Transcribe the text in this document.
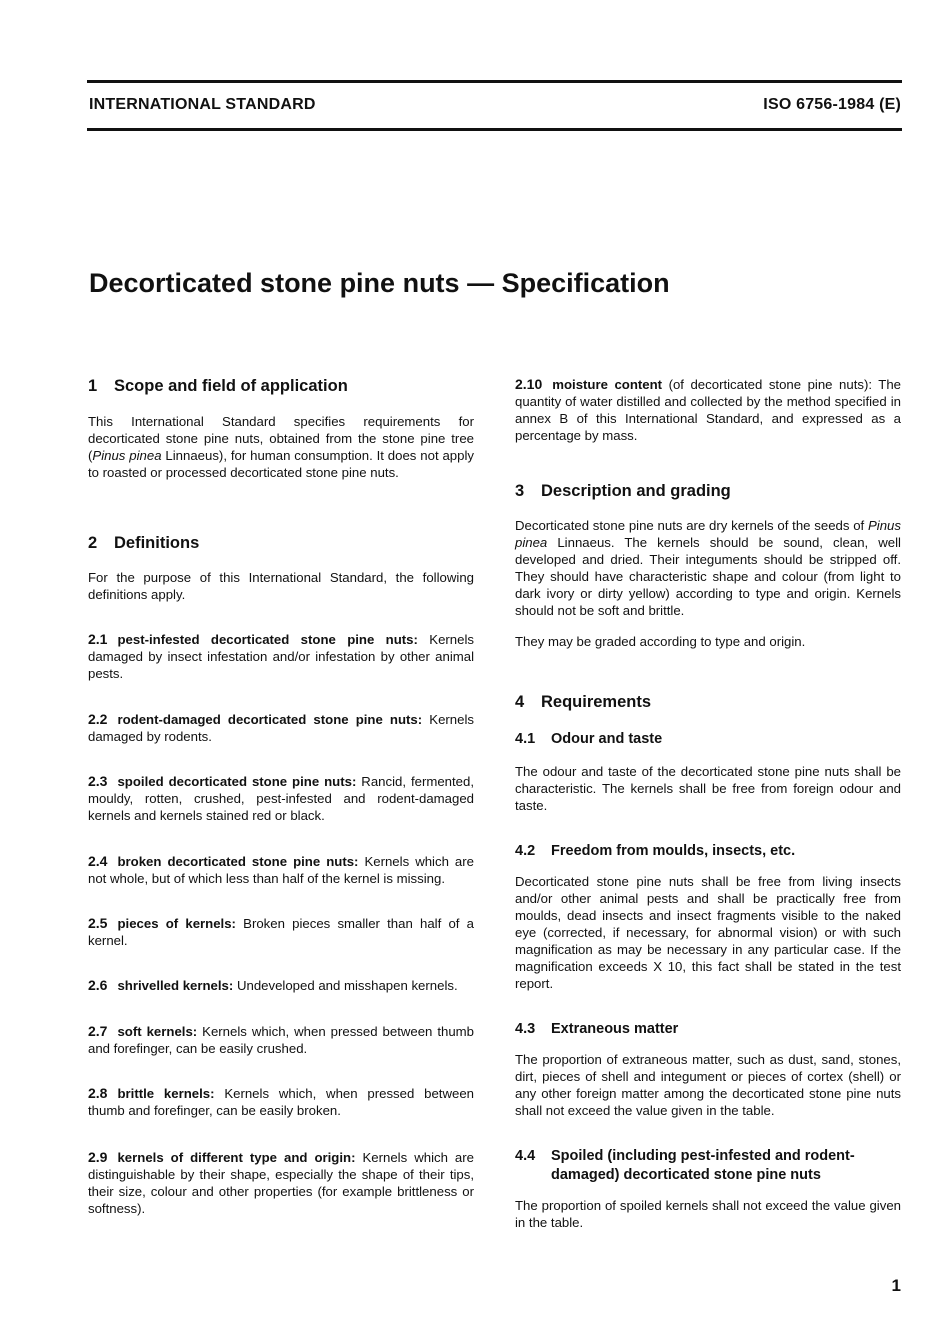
INTERNATIONAL STANDARD	ISO 6756-1984 (E)
Decorticated stone pine nuts — Specification
1 Scope and field of application

This International Standard specifies requirements for decorticated stone pine nuts, obtained from the stone pine tree (Pinus pinea Linnaeus), for human consumption. It does not apply to roasted or processed decorticated stone pine nuts.

2 Definitions

For the purpose of this International Standard, the following definitions apply.

2.1 pest-infested decorticated stone pine nuts: Kernels damaged by insect infestation and/or infestation by other animal pests.

2.2 rodent-damaged decorticated stone pine nuts: Kernels damaged by rodents.

2.3 spoiled decorticated stone pine nuts: Rancid, fermented, mouldy, rotten, crushed, pest-infested and rodent-damaged kernels and kernels stained red or black.

2.4 broken decorticated stone pine nuts: Kernels which are not whole, but of which less than half of the kernel is missing.

2.5 pieces of kernels: Broken pieces smaller than half of a kernel.

2.6 shrivelled kernels: Undeveloped and misshapen kernels.

2.7 soft kernels: Kernels which, when pressed between thumb and forefinger, can be easily crushed.

2.8 brittle kernels: Kernels which, when pressed between thumb and forefinger, can be easily broken.

2.9 kernels of different type and origin: Kernels which are distinguishable by their shape, especially the shape of their tips, their size, colour and other properties (for example brittleness or softness).

2.10 moisture content (of decorticated stone pine nuts): The quantity of water distilled and collected by the method specified in annex B of this International Standard, and expressed as a percentage by mass.

3 Description and grading

Decorticated stone pine nuts are dry kernels of the seeds of Pinus pinea Linnaeus. The kernels should be sound, clean, well developed and dried. Their integuments should be stripped off. They should have characteristic shape and colour (from light to dark ivory or dirty yellow) according to type and origin. Kernels should not be soft and brittle.

They may be graded according to type and origin.

4 Requirements
4.1 Odour and taste

The odour and taste of the decorticated stone pine nuts shall be characteristic. The kernels shall be free from foreign odour and taste.

4.2 Freedom from moulds, insects, etc.

Decorticated stone pine nuts shall be free from living insects and/or other animal pests and shall be practically free from moulds, dead insects and insect fragments visible to the naked eye (corrected, if necessary, for abnormal vision) or with such magnification as may be necessary in any particular case. If the magnification exceeds X 10, this fact shall be stated in the test report.

4.3 Extraneous matter

The proportion of extraneous matter, such as dust, sand, stones, dirt, pieces of shell and integument or pieces of cortex (shell) or any other foreign matter among the decorticated stone pine nuts shall not exceed the value given in the table.

4.4	Spoiled (including pest-infested and rodent-damaged) decorticated stone pine nuts

The proportion of spoiled kernels shall not exceed the value given in the table.

1
